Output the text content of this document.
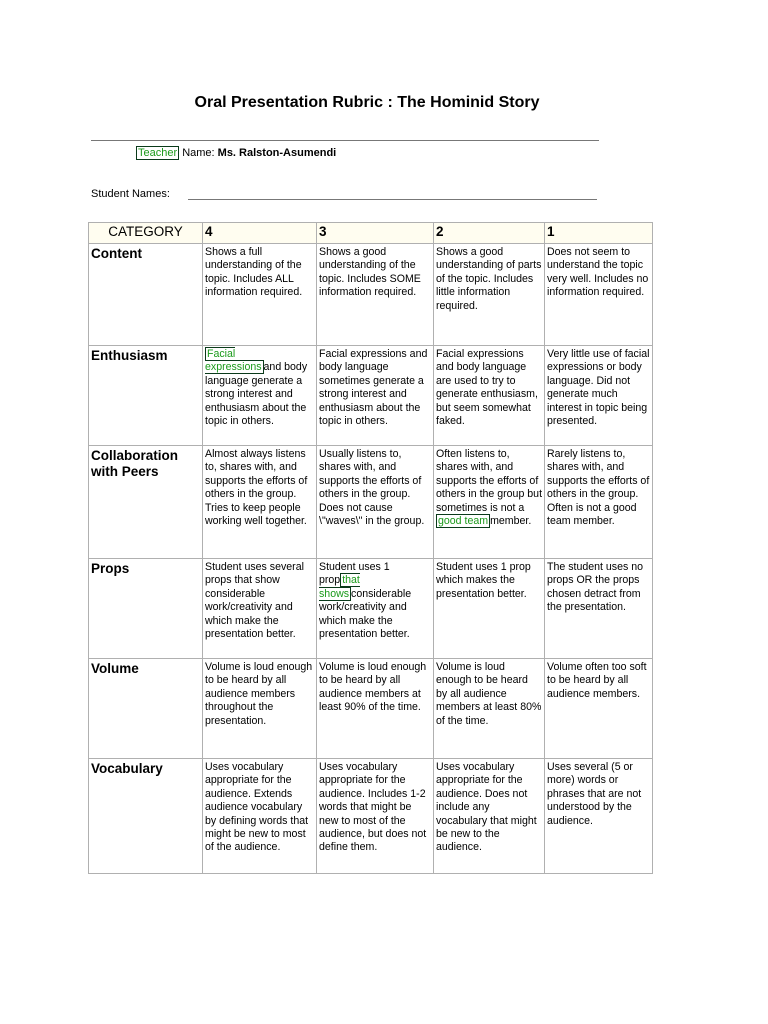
Oral Presentation Rubric : The Hominid Story
Teacher Name: Ms. Ralston-Asumendi
Student Names:
CATEGORY	4	3	2	1
Content	Shows a full understanding of the topic. Includes ALL information required.	Shows a good understanding of the topic. Includes SOME information required.	Shows a good understanding of parts of the topic. Includes little information required.	Does not seem to understand the topic very well. Includes no information required.
Enthusiasm	Facial expressions and body language generate a strong interest and enthusiasm about the topic in others.	Facial expressions and body language sometimes generate a strong interest and enthusiasm about the topic in others.	Facial expressions and body language are used to try to generate enthusiasm, but seem somewhat faked.	Very little use of facial expressions or body language. Did not generate much interest in topic being presented.
Collaboration with Peers	Almost always listens to, shares with, and supports the efforts of others in the group. Tries to keep people working well together.	Usually listens to, shares with, and supports the efforts of others in the group. Does not cause \"waves\" in the group.	Often listens to, shares with, and supports the efforts of others in the group but sometimes is not a good team member.	Rarely listens to, shares with, and supports the efforts of others in the group. Often is not a good team member.
Props	Student uses several props that show considerable work/creativity and which make the presentation better.	Student uses 1 prop that shows considerable work/creativity and which make the presentation better.	Student uses 1 prop which makes the presentation better.	The student uses no props OR the props chosen detract from the presentation.
Volume	Volume is loud enough to be heard by all audience members throughout the presentation.	Volume is loud enough to be heard by all audience members at least 90% of the time.	Volume is loud enough to be heard by all audience members at least 80% of the time.	Volume often too soft to be heard by all audience members.
Vocabulary	Uses vocabulary appropriate for the audience. Extends audience vocabulary by defining words that might be new to most of the audience.	Uses vocabulary appropriate for the audience. Includes 1-2 words that might be new to most of the audience, but does not define them.	Uses vocabulary appropriate for the audience. Does not include any vocabulary that might be new to the audience.	Uses several (5 or more) words or phrases that are not understood by the audience.
